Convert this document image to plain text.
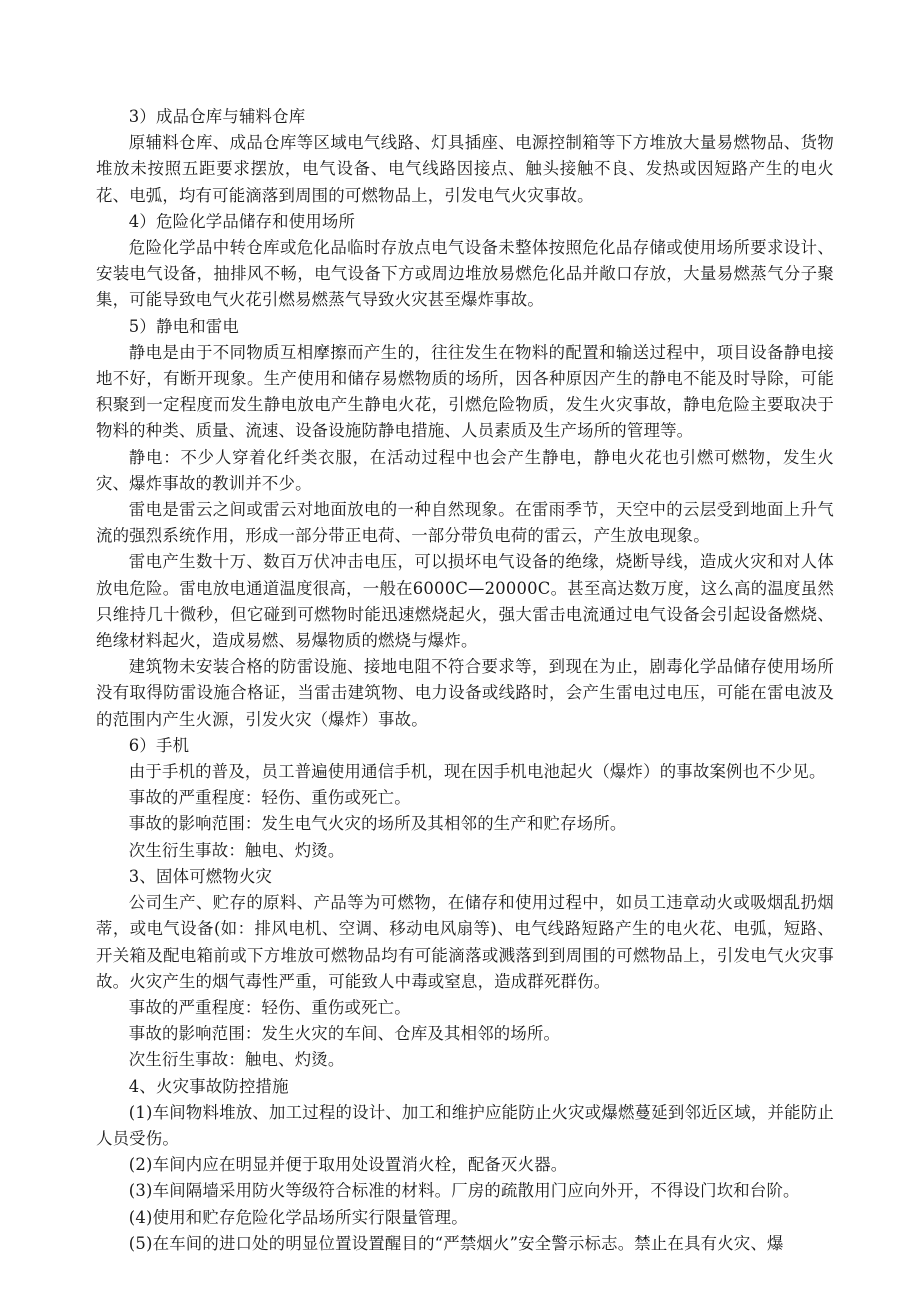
3）成品仓库与辅料仓库

原辅料仓库、成品仓库等区域电气线路、灯具插座、电源控制箱等下方堆放大量易燃物品、货物堆放未按照五距要求摆放，电气设备、电气线路因接点、触头接触不良、发热或因短路产生的电火花、电弧，均有可能滴落到周围的可燃物品上，引发电气火灾事故。

4）危险化学品储存和使用场所

危险化学品中转仓库或危化品临时存放点电气设备未整体按照危化品存储或使用场所要求设计、安装电气设备，抽排风不畅，电气设备下方或周边堆放易燃危化品并敞口存放，大量易燃蒸气分子聚集，可能导致电气火花引燃易燃蒸气导致火灾甚至爆炸事故。

5）静电和雷电

静电是由于不同物质互相摩擦而产生的，往往发生在物料的配置和输送过程中，项目设备静电接地不好，有断开现象。生产使用和储存易燃物质的场所，因各种原因产生的静电不能及时导除，可能积聚到一定程度而发生静电放电产生静电火花，引燃危险物质，发生火灾事故，静电危险主要取决于物料的种类、质量、流速、设备设施防静电措施、人员素质及生产场所的管理等。

静电：不少人穿着化纤类衣服，在活动过程中也会产生静电，静电火花也引燃可燃物，发生火灾、爆炸事故的教训并不少。

雷电是雷云之间或雷云对地面放电的一种自然现象。在雷雨季节，天空中的云层受到地面上升气流的强烈系统作用，形成一部分带正电荷、一部分带负电荷的雷云，产生放电现象。

雷电产生数十万、数百万伏冲击电压，可以损坏电气设备的绝缘，烧断导线，造成火灾和对人体放电危险。雷电放电通道温度很高，一般在6000C—20000C。甚至高达数万度，这么高的温度虽然只维持几十微秒，但它碰到可燃物时能迅速燃烧起火，强大雷击电流通过电气设备会引起设备燃烧、绝缘材料起火，造成易燃、易爆物质的燃烧与爆炸。

建筑物未安装合格的防雷设施、接地电阻不符合要求等，到现在为止，剧毒化学品储存使用场所没有取得防雷设施合格证，当雷击建筑物、电力设备或线路时，会产生雷电过电压，可能在雷电波及的范围内产生火源，引发火灾（爆炸）事故。

6）手机

由于手机的普及，员工普遍使用通信手机，现在因手机电池起火（爆炸）的事故案例也不少见。

事故的严重程度：轻伤、重伤或死亡。

事故的影响范围：发生电气火灾的场所及其相邻的生产和贮存场所。

次生衍生事故：触电、灼烫。

3、固体可燃物火灾

公司生产、贮存的原料、产品等为可燃物，在储存和使用过程中，如员工违章动火或吸烟乱扔烟蒂，或电气设备(如：排风电机、空调、移动电风扇等)、电气线路短路产生的电火花、电弧，短路、开关箱及配电箱前或下方堆放可燃物品均有可能滴落或溅落到到周围的可燃物品上，引发电气火灾事故。火灾产生的烟气毒性严重，可能致人中毒或窒息，造成群死群伤。

事故的严重程度：轻伤、重伤或死亡。

事故的影响范围：发生火灾的车间、仓库及其相邻的场所。

次生衍生事故：触电、灼烫。

4、火灾事故防控措施

(1)车间物料堆放、加工过程的设计、加工和维护应能防止火灾或爆燃蔓延到邻近区域，并能防止人员受伤。

(2)车间内应在明显并便于取用处设置消火栓，配备灭火器。

(3)车间隔墙采用防火等级符合标准的材料。厂房的疏散用门应向外开，不得设门坎和台阶。

(4)使用和贮存危险化学品场所实行限量管理。

(5)在车间的进口处的明显位置设置醒目的“严禁烟火”安全警示标志。禁止在具有火灾、爆
